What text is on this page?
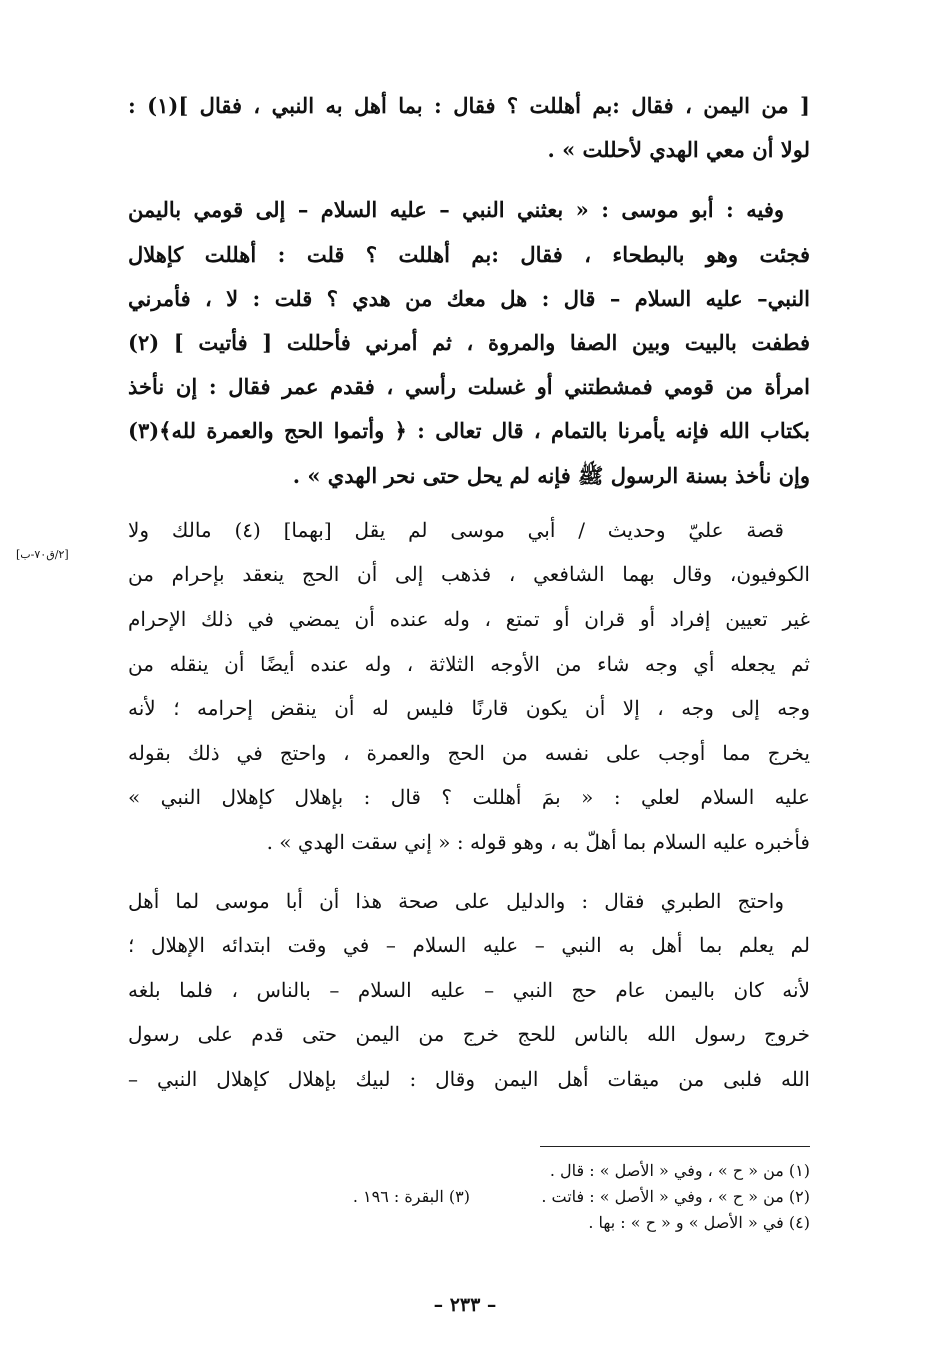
[ من اليمن ، فقال :بم أهللت ؟ فقال : بما أهل به النبي ، فقال ](١) :
لولا أن معي الهدي لأحللت » .

وفيه : أبو موسى : « بعثني النبي – عليه السلام – إلى قومي باليمن
فجئت وهو بالبطحاء ، فقال :بم أهللت ؟ قلت : أهللت كإهلال
النبي– عليه السلام – قال : هل معك من هدي ؟ قلت : لا ، فأمرني
فطفت بالبيت وبين الصفا والمروة ، ثم أمرني فأحللت [ فأتيت ] (٢)
امرأة من قومي فمشطتني أو غسلت رأسي ، فقدم عمر فقال : إن نأخذ
بكتاب الله فإنه يأمرنا بالتمام ، قال تعالى : ﴿ وأتموا الحج والعمرة لله﴾(٣)
وإن نأخذ بسنة الرسول ﷺ فإنه لم يحل حتى نحر الهدي » .

قصة عليّ وحديث / أبي موسى لم يقل [بهما] (٤) مالك ولا
الكوفيون، وقال بهما الشافعي ، فذهب إلى أن الحج ينعقد بإحرام من
غير تعيين إفراد أو قران أو تمتع ، وله عنده أن يمضي في ذلك الإحرام
ثم يجعله أي وجه شاء من الأوجه الثلاثة ، وله عنده أيضًا أن ينقله من
وجه إلى وجه ، إلا أن يكون قارنًا فليس له أن ينقض إحرامه ؛ لأنه
يخرج مما أوجب على نفسه من الحج والعمرة ، واحتج في ذلك بقوله
عليه السلام لعلي : « بمَ أهللت ؟ قال : بإهلال كإهلال النبي »
فأخبره عليه السلام بما أهلّ به ، وهو قوله : « إني سقت الهدي » .

واحتج الطبري فقال : والدليل على صحة هذا أن أبا موسى لما أهل
لم يعلم بما أهل به النبي – عليه السلام – في وقت ابتدائه الإهلال ؛
لأنه كان باليمن عام حج النبي – عليه السلام – بالناس ، فلما بلغه
خروج رسول الله بالناس للحج خرج من اليمن حتى قدم على رسول
الله فلبى من ميقات أهل اليمن وقال : لبيك بإهلال كإهلال النبي –

[٢/ق٧٠-ب]
(١) من « ح » ، وفي « الأصل » : قال .
(٢) من « ح » ، وفي « الأصل » : فاتت .
(٣) البقرة : ١٩٦ .
(٤) في « الأصل » و « ح » : بها .
– ٢٣٣ –
